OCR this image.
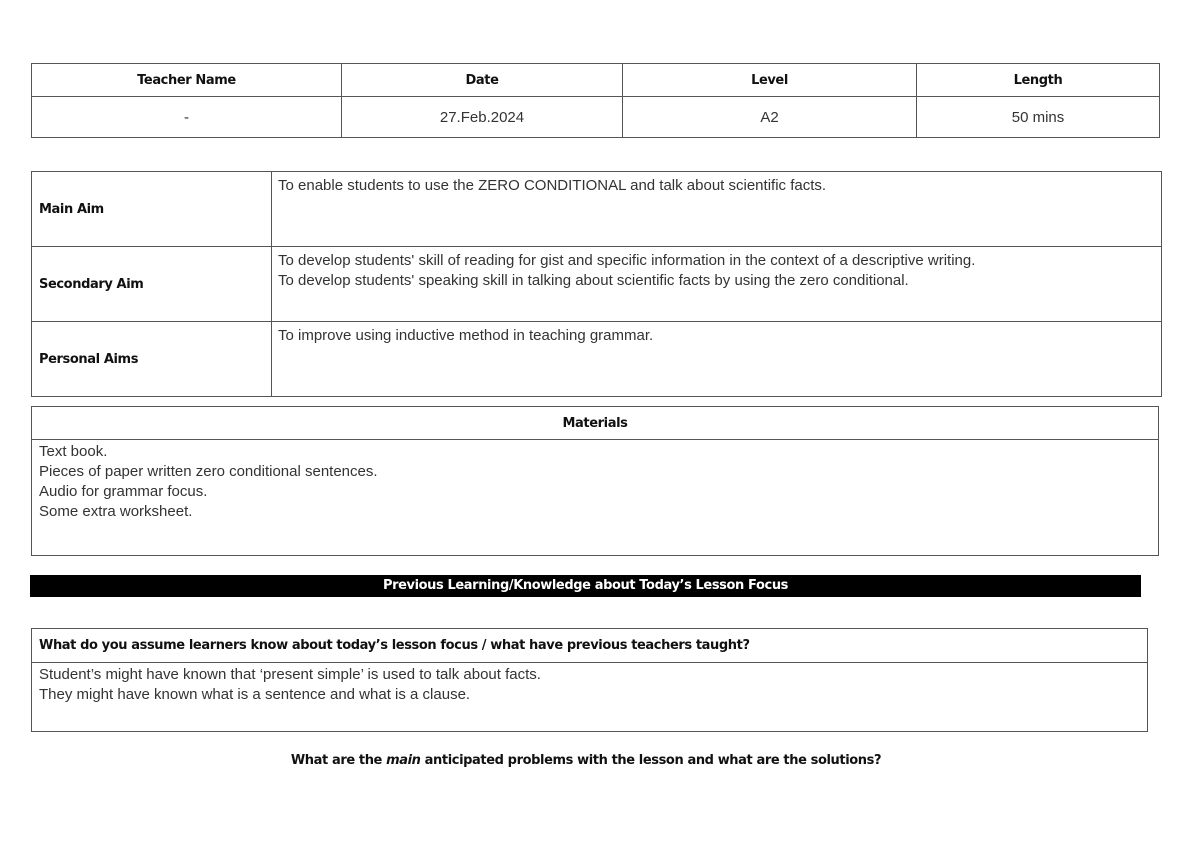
Teacher Name	Date	Level	Length
-	27.Feb.2024	A2	50 mins
Main Aim	To enable students to use the ZERO CONDITIONAL and talk about scientific facts.

Secondary Aim	To develop students' skill of reading for gist and specific information in the context of a descriptive writing.
To develop students' speaking skill in talking about scientific facts by using the zero conditional.

Personal Aims	To improve using inductive method in teaching grammar.
Materials

Text book.
Pieces of paper written zero conditional sentences.
Audio for grammar focus.
Some extra worksheet.
Previous Learning/Knowledge about Today’s Lesson Focus
What do you assume learners know about today’s lesson focus / what have previous teachers taught?

Student’s might have known that ‘present simple’ is used to talk about facts.
They might have known what is a sentence and what is a clause.
What are the main anticipated problems with the lesson and what are the solutions?
